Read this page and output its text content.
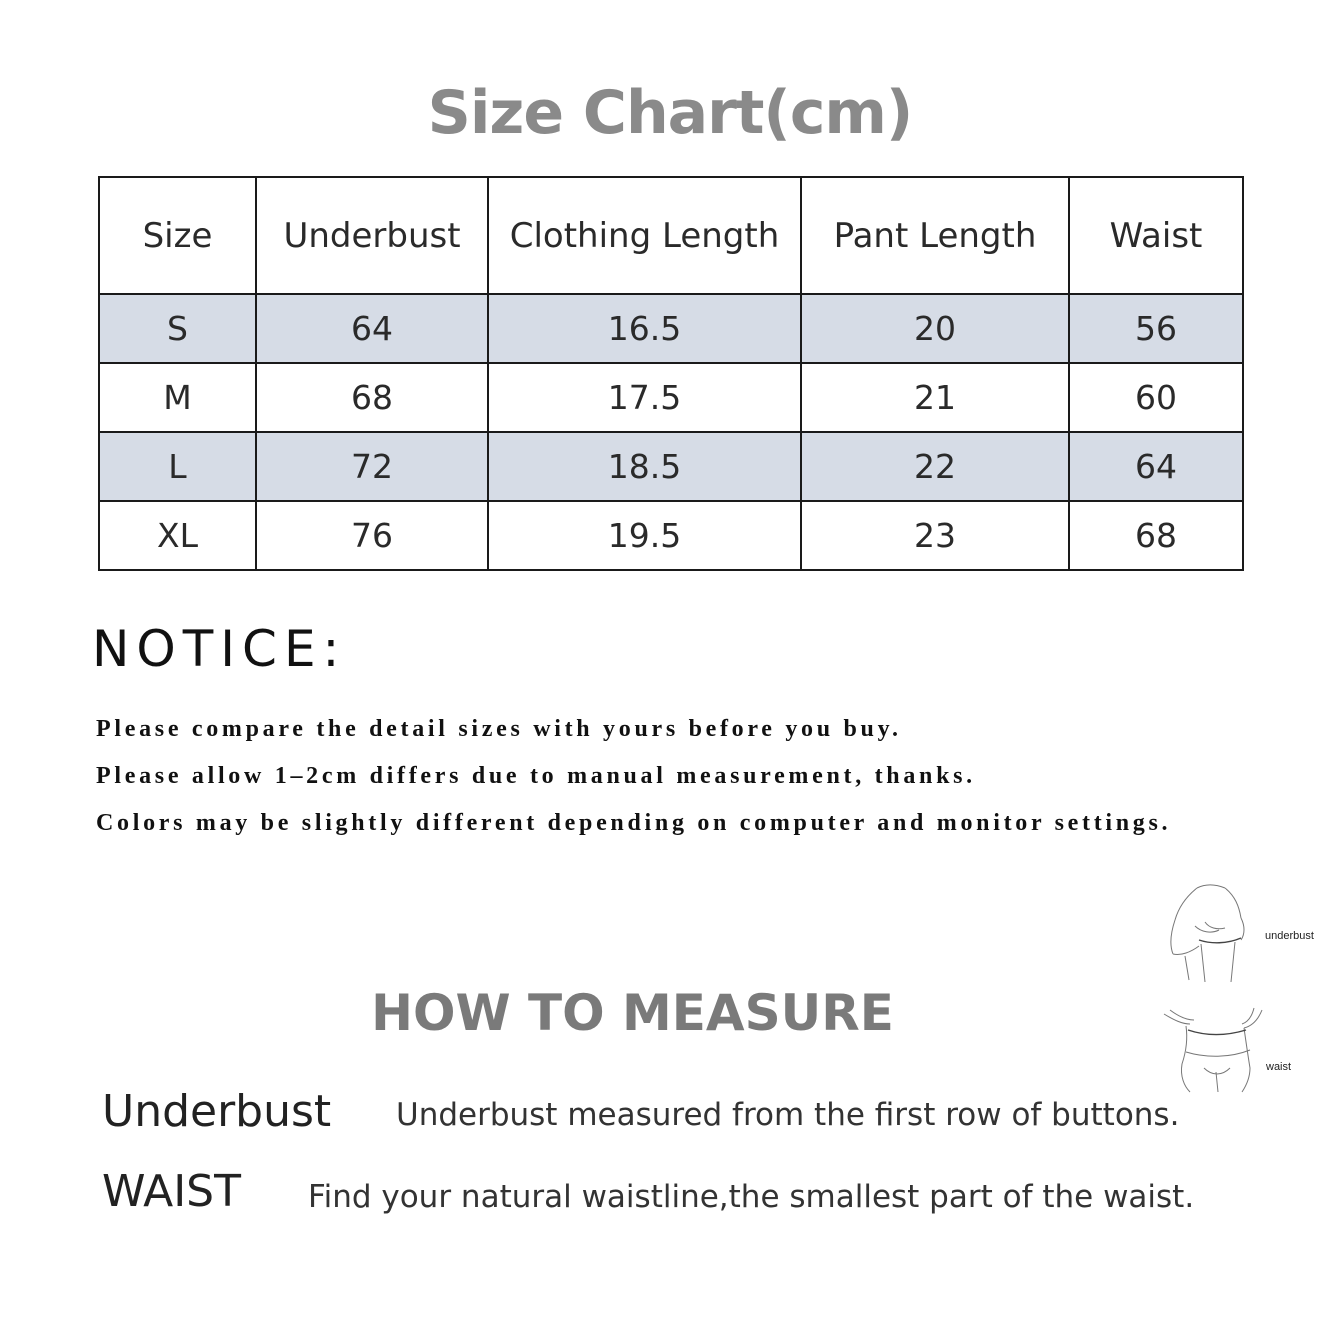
Size Chart(cm)
Size	Underbust	Clothing Length	Pant Length	Waist
S	64	16.5	20	56
M	68	17.5	21	60
L	72	18.5	22	64
XL	76	19.5	23	68
NOTICE:
Please compare the detail sizes with yours before you buy.
Please allow 1–2cm differs due to manual measurement, thanks.
Colors may be slightly different depending on computer and monitor settings.
underbust
waist
HOW TO MEASURE
Underbust Underbust measured from the first row of buttons.
WAIST Find your natural waistline,the smallest part of the waist.
